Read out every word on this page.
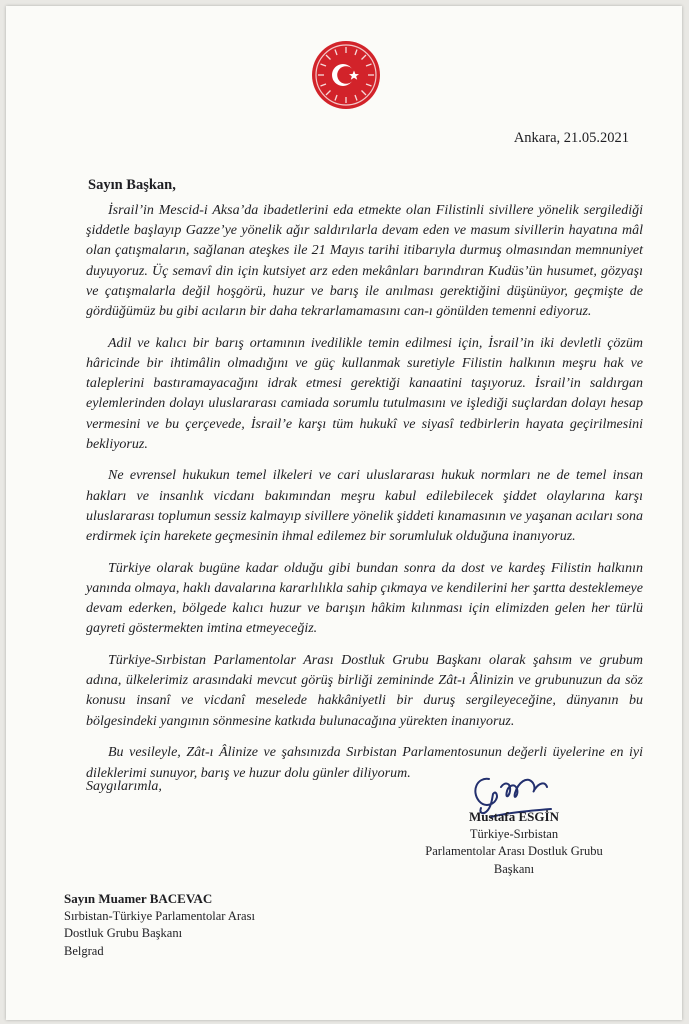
Ankara, 21.05.2021
Sayın Başkan,

İsrail’in Mescid-i Aksa’da ibadetlerini eda etmekte olan Filistinli sivillere yönelik sergilediği şiddetle başlayıp Gazze’ye yönelik ağır saldırılarla devam eden ve masum sivillerin hayatına mâl olan çatışmaların, sağlanan ateşkes ile 21 Mayıs tarihi itibarıyla durmuş olmasından memnuniyet duyuyoruz. Üç semavî din için kutsiyet arz eden mekânları barındıran Kudüs’ün husumet, gözyaşı ve çatışmalarla değil hoşgörü, huzur ve barış ile anılması gerektiğini düşünüyor, geçmişte de gördüğümüz bu gibi acıların bir daha tekrarlamamasını can-ı gönülden temenni ediyoruz.

Adil ve kalıcı bir barış ortamının ivedilikle temin edilmesi için, İsrail’in iki devletli çözüm hâricinde bir ihtimâlin olmadığını ve güç kullanmak suretiyle Filistin halkının meşru hak ve taleplerini bastıramayacağını idrak etmesi gerektiği kanaatini taşıyoruz. İsrail’in saldırgan eylemlerinden dolayı uluslararası camiada sorumlu tutulmasını ve işlediği suçlardan dolayı hesap vermesini ve bu çerçevede, İsrail’e karşı tüm hukukî ve siyasî tedbirlerin hayata geçirilmesini bekliyoruz.

Ne evrensel hukukun temel ilkeleri ve cari uluslararası hukuk normları ne de temel insan hakları ve insanlık vicdanı bakımından meşru kabul edilebilecek şiddet olaylarına karşı uluslararası toplumun sessiz kalmayıp sivillere yönelik şiddeti kınamasının ve yaşanan acıları sona erdirmek için harekete geçmesinin ihmal edilemez bir sorumluluk olduğuna inanıyoruz.

Türkiye olarak bugüne kadar olduğu gibi bundan sonra da dost ve kardeş Filistin halkının yanında olmaya, haklı davalarına kararlılıkla sahip çıkmaya ve kendilerini her şartta desteklemeye devam ederken, bölgede kalıcı huzur ve barışın hâkim kılınması için elimizden gelen her türlü gayreti göstermekten imtina etmeyeceğiz.

Türkiye-Sırbistan Parlamentolar Arası Dostluk Grubu Başkanı olarak şahsım ve grubum adına, ülkelerimiz arasındaki mevcut görüş birliği zemininde Zât-ı Âlinizin ve grubunuzun da söz konusu insanî ve vicdanî meselede hakkâniyetli bir duruş sergileyeceğine, dünyanın bu bölgesindeki yangının sönmesine katkıda bulunacağına yürekten inanıyoruz.

Bu vesileyle, Zât-ı Âlinize ve şahsınızda Sırbistan Parlamentosunun değerli üyelerine en iyi dileklerimi sunuyor, barış ve huzur dolu günler diliyorum.

Saygılarımla,
Mustafa ESGİN
Türkiye-Sırbistan
Parlamentolar Arası Dostluk Grubu
Başkanı
Sayın Muamer BACEVAC
Sırbistan-Türkiye Parlamentolar Arası
Dostluk Grubu Başkanı
Belgrad
